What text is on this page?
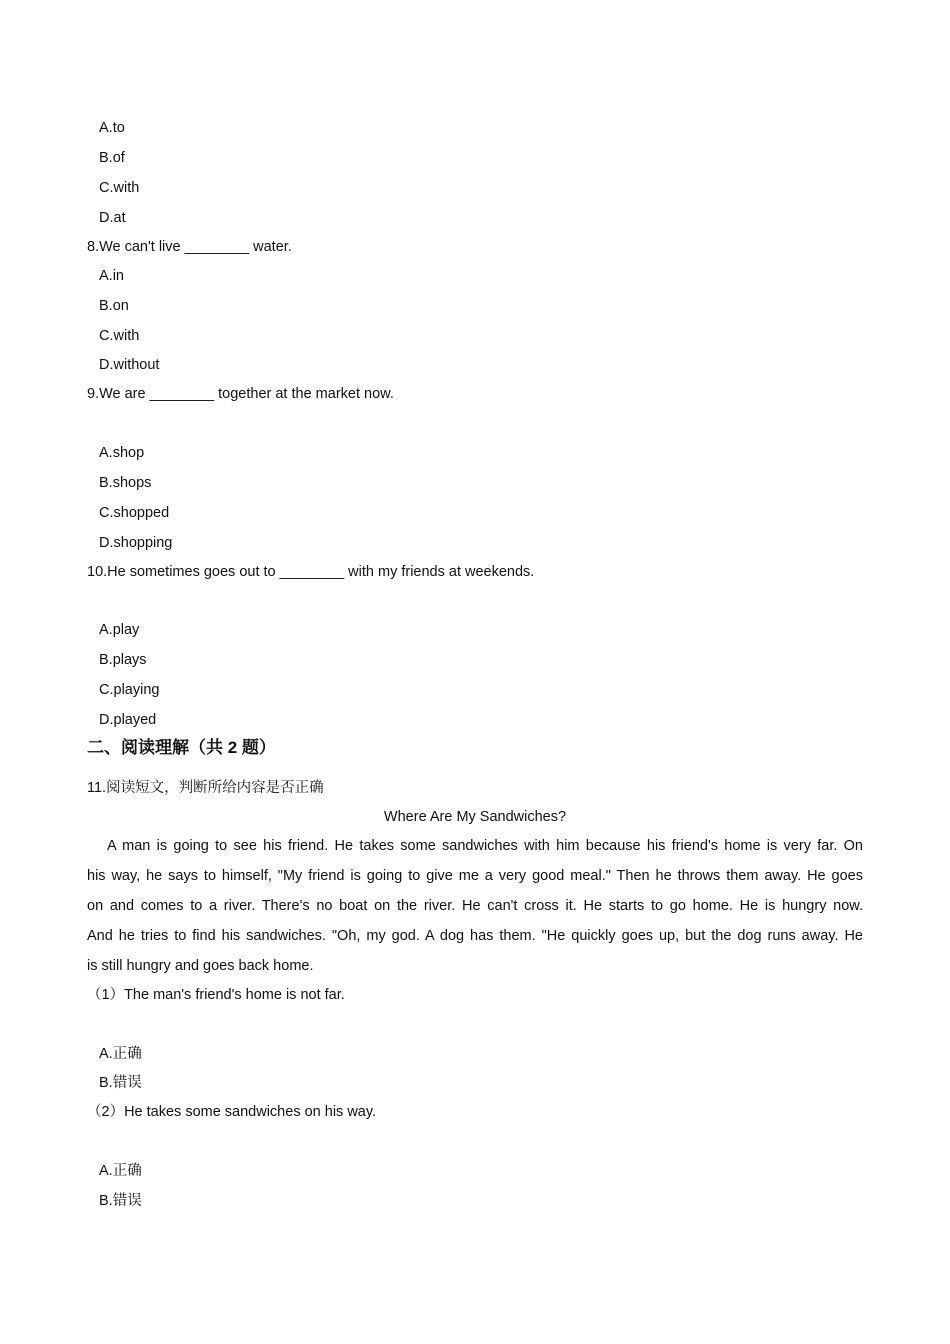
A.to
B.of
C.with
D.at
8.We can't live ________ water.
A.in
B.on
C.with
D.without
9.We are ________ together at the market now.
A.shop
B.shops
C.shopped
D.shopping
10.He sometimes goes out to ________ with my friends at weekends.
A.play
B.plays
C.playing
D.played
二、阅读理解（共 2 题）
11.阅读短文，判断所给内容是否正确
Where Are My Sandwiches?
A man is going to see his friend. He takes some sandwiches with him because his friend's home is very far. On
his way, he says to himself, "My friend is going to give me a very good meal." Then he throws them away. He goes
on and comes to a river. There's no boat on the river. He can't cross it. He starts to go home. He is hungry now.
And he tries to find his sandwiches. "Oh, my god. A dog has them. "He quickly goes up, but the dog runs away. He
is still hungry and goes back home.
（1）The man's friend's home is not far.
A.正确
B.错误
（2）He takes some sandwiches on his way.
A.正确
B.错误
